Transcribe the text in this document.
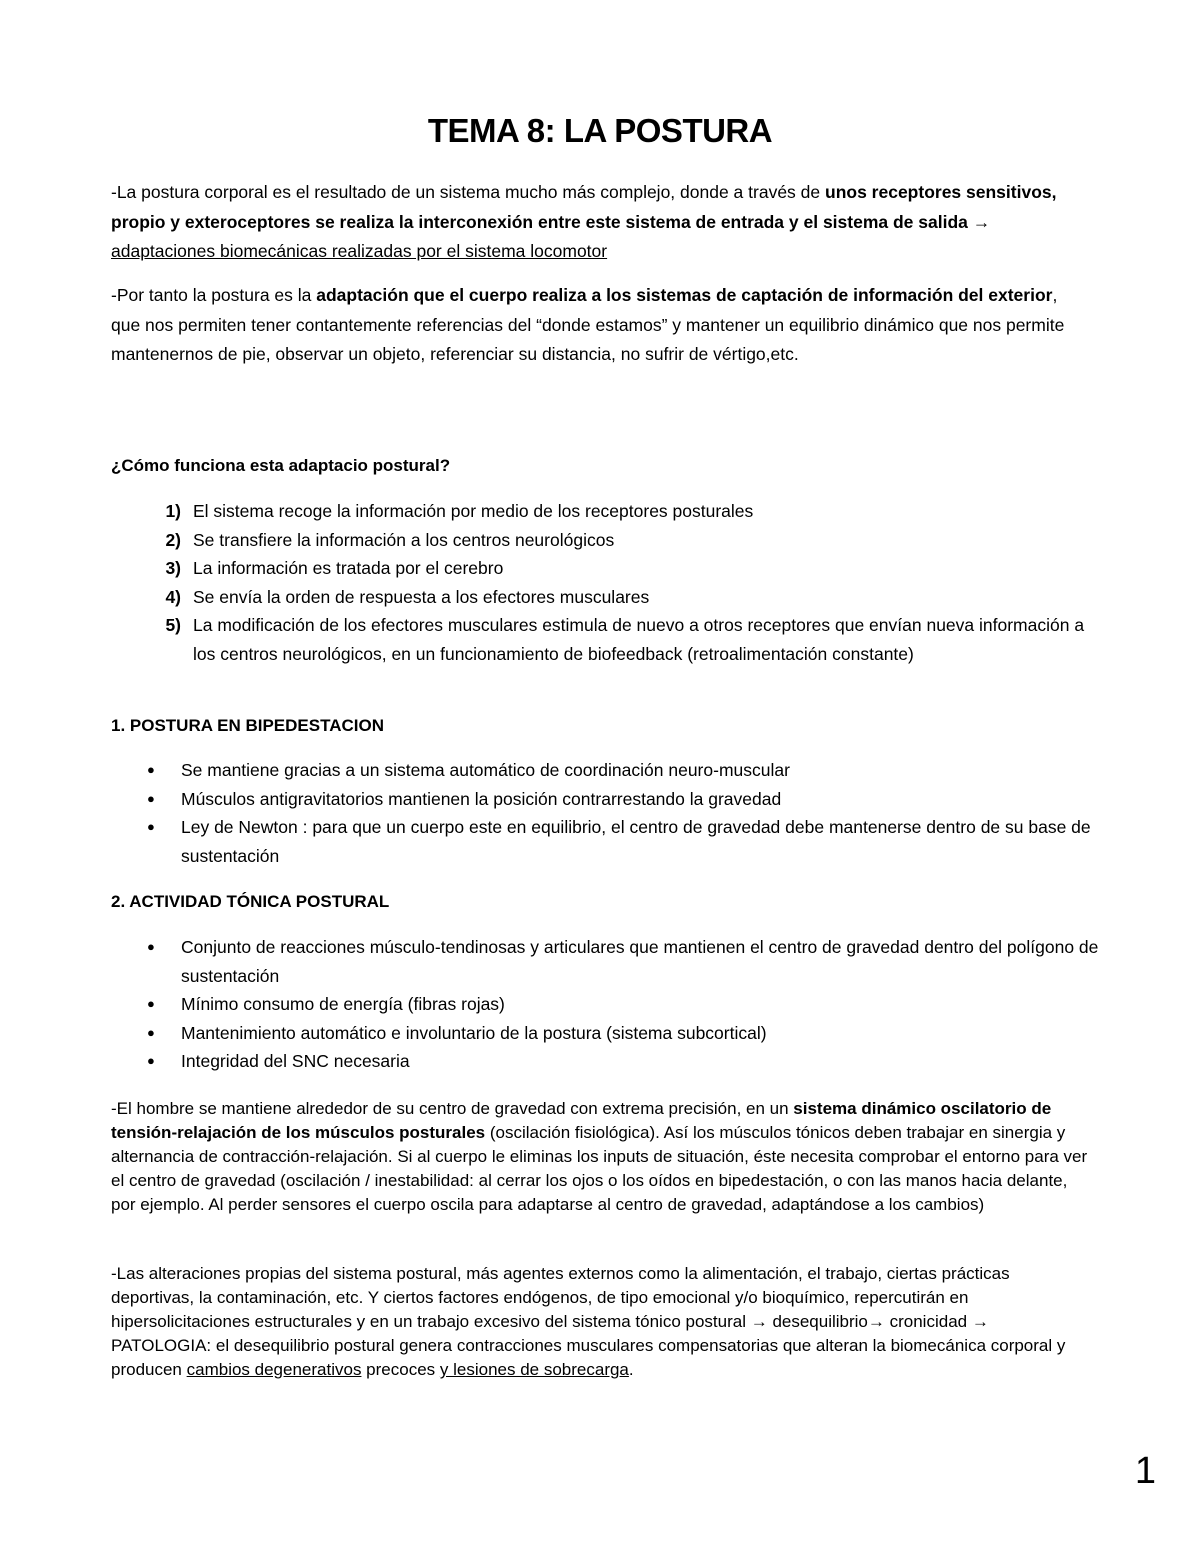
TEMA 8: LA POSTURA

-La postura corporal es el resultado de un sistema mucho más complejo, donde a través de unos receptores sensitivos, propio y exteroceptores se realiza la interconexión entre este sistema de entrada y el sistema de salida → adaptaciones biomecánicas realizadas por el sistema locomotor

-Por tanto la postura es la adaptación que el cuerpo realiza a los sistemas de captación de información del exterior, que nos permiten tener contantemente referencias del “donde estamos” y mantener un equilibrio dinámico que nos permite mantenernos de pie, observar un objeto, referenciar su distancia, no sufrir de vértigo,etc.

¿Cómo funciona esta adaptacio postural?
1) El sistema recoge la información por medio de los receptores posturales
2) Se transfiere la información a los centros neurológicos
3) La información es tratada por el cerebro
4) Se envía la orden de respuesta a los efectores musculares
5) La modificación de los efectores musculares estimula de nuevo a otros receptores que envían nueva información a los centros neurológicos, en un funcionamiento de biofeedback (retroalimentación constante)
1. POSTURA EN BIPEDESTACION
●	Se mantiene gracias a un sistema automático de coordinación neuro-muscular
●	Músculos antigravitatorios mantienen la posición contrarrestando la gravedad
●	Ley de Newton : para que un cuerpo este en equilibrio, el centro de gravedad debe mantenerse dentro de su base de sustentación
2. ACTIVIDAD TÓNICA POSTURAL
●	Conjunto de reacciones músculo-tendinosas y articulares que mantienen el centro de gravedad dentro del polígono de sustentación
●	Mínimo consumo de energía (fibras rojas)
●	Mantenimiento automático e involuntario de la postura (sistema subcortical)
●	Integridad del SNC necesaria

-El hombre se mantiene alrededor de su centro de gravedad con extrema precisión, en un sistema dinámico oscilatorio de tensión-relajación de los músculos posturales (oscilación fisiológica). Así los músculos tónicos deben trabajar en sinergia y alternancia de contracción-relajación. Si al cuerpo le eliminas los inputs de situación, éste necesita comprobar el entorno para ver el centro de gravedad (oscilación / inestabilidad: al cerrar los ojos o los oídos en bipedestación, o con las manos hacia delante, por ejemplo. Al perder sensores el cuerpo oscila para adaptarse al centro de gravedad, adaptándose a los cambios)

-Las alteraciones propias del sistema postural, más agentes externos como la alimentación, el trabajo, ciertas prácticas deportivas, la contaminación, etc. Y ciertos factores endógenos, de tipo emocional y/o bioquímico, repercutirán en hipersolicitaciones estructurales y en un trabajo excesivo del sistema tónico postural → desequilibrio→ cronicidad → PATOLOGIA: el desequilibrio postural genera contracciones musculares compensatorias que alteran la biomecánica corporal y producen cambios degenerativos precoces y lesiones de sobrecarga.

1
